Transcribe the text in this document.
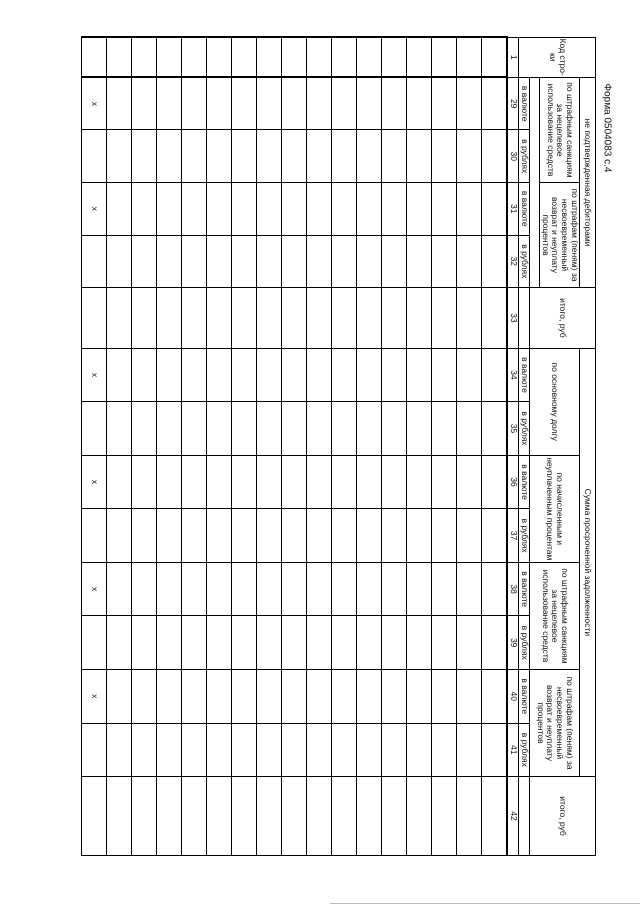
Форма 0504083 с.4
Код стро- ки	не подтвержденная дебиторами				итого, руб	Сумма просроченной задолженности								итого, руб
	по штрафным санкциям за нецелевое использование средств		по штрафам (пеням) за несвоевременный возврат и неуплату процентов			по основному долгу		по начисленным и неуплаченным процентам		по штрафным санкциям за нецелевое использование средств		по штрафам (пеням) за несвоевременный возврат и неуплату процентов		

	в валюте	в рублях	в валюте	в рублях		в валюте	в рублях	в валюте	в рублях	в валюте	в рублях	в валюте	в рублях	
1	29	30	31	32	33	34	35	36	37	38	39	40	41	42

	x		x			x		x		x		x		
